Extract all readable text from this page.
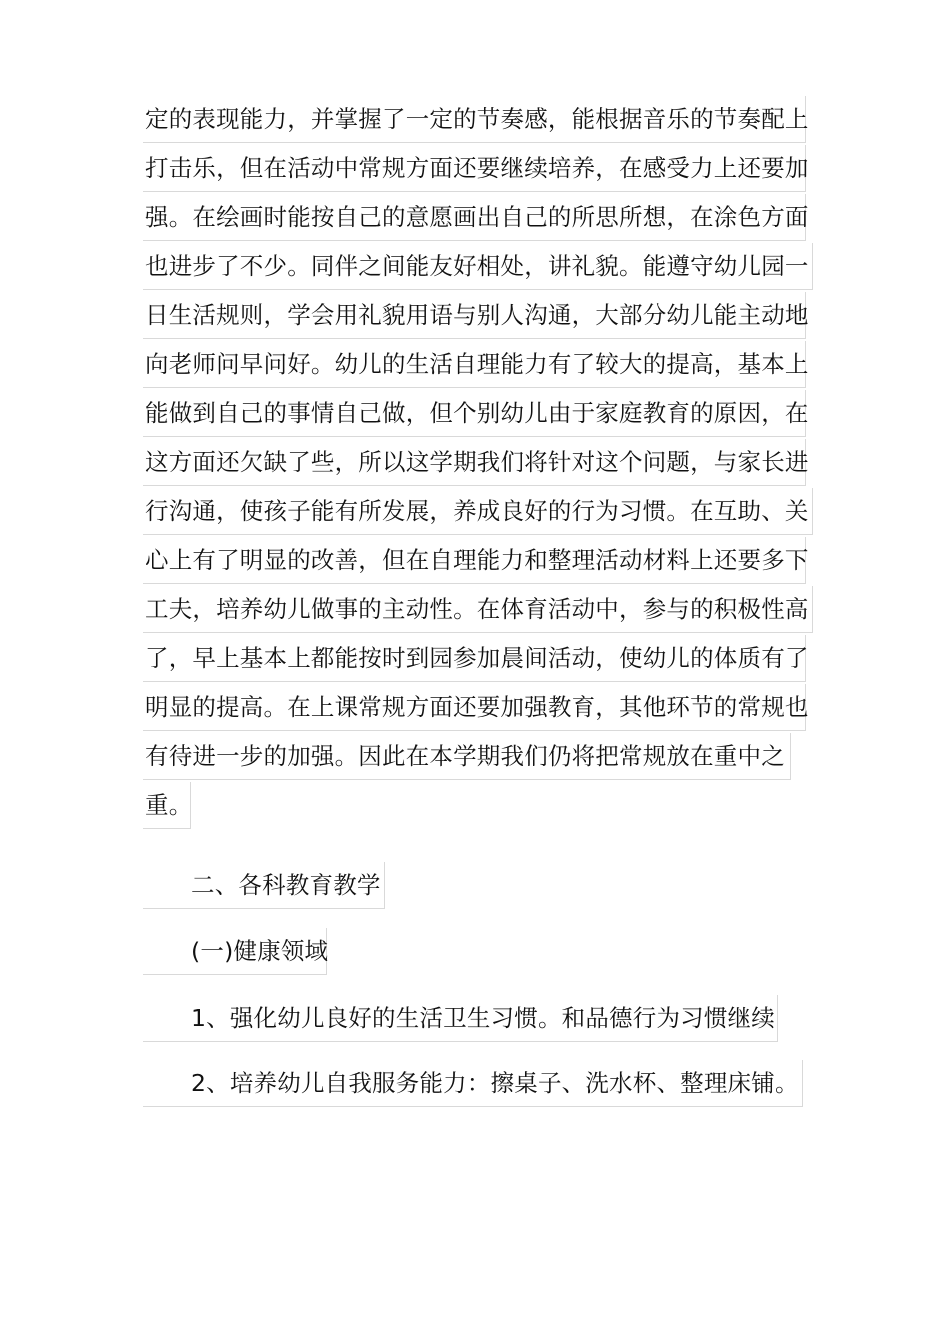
定的表现能力，并掌握了一定的节奏感，能根据音乐的节奏配上
打击乐，但在活动中常规方面还要继续培养，在感受力上还要加
强。在绘画时能按自己的意愿画出自己的所思所想，在涂色方面
也进步了不少。同伴之间能友好相处，讲礼貌。能遵守幼儿园一
日生活规则，学会用礼貌用语与别人沟通，大部分幼儿能主动地
向老师问早问好。幼儿的生活自理能力有了较大的提高，基本上
能做到自己的事情自己做，但个别幼儿由于家庭教育的原因，在
这方面还欠缺了些，所以这学期我们将针对这个问题，与家长进
行沟通，使孩子能有所发展，养成良好的行为习惯。在互助、关
心上有了明显的改善，但在自理能力和整理活动材料上还要多下
工夫，培养幼儿做事的主动性。在体育活动中，参与的积极性高
了，早上基本上都能按时到园参加晨间活动，使幼儿的体质有了
明显的提高。在上课常规方面还要加强教育，其他环节的常规也
有待进一步的加强。因此在本学期我们仍将把常规放在重中之
重。
二、各科教育教学
(一)健康领域
1、强化幼儿良好的生活卫生习惯。和品德行为习惯继续
2、培养幼儿自我服务能力：擦桌子、洗水杯、整理床铺。
